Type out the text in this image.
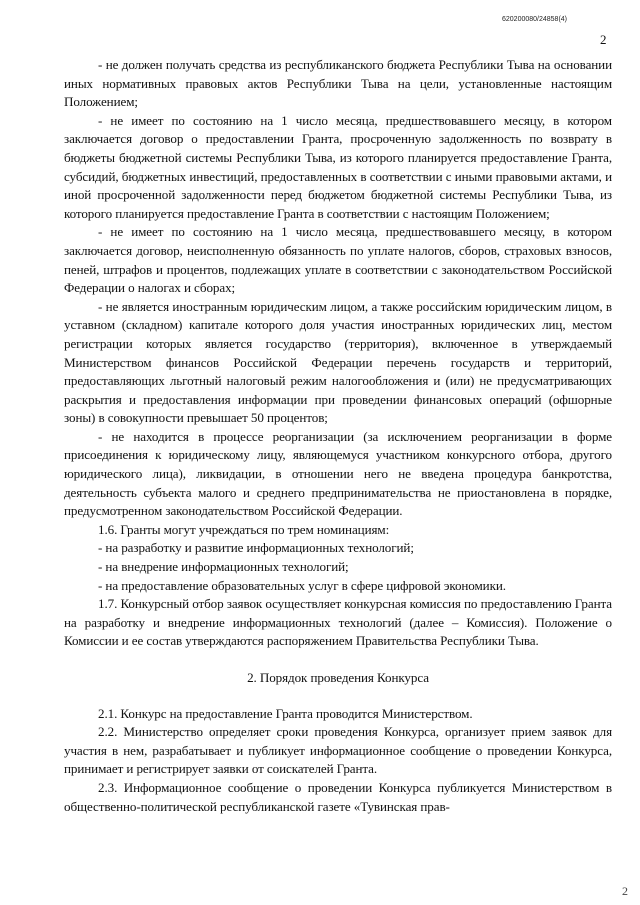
620200080/24858(4)
2

- не должен получать средства из республиканского бюджета Республики Тыва на основании иных нормативных правовых актов Республики Тыва на цели, установленные настоящим Положением;

- не имеет по состоянию на 1 число месяца, предшествовавшего месяцу, в котором заключается договор о предоставлении Гранта, просроченную задолженность по возврату в бюджеты бюджетной системы Республики Тыва, из которого планируется предоставление Гранта, субсидий, бюджетных инвестиций, предоставленных в соответствии с иными правовыми актами, и иной просроченной задолженности перед бюджетом бюджетной системы Республики Тыва, из которого планируется предоставление Гранта в соответствии с настоящим Положением;

- не имеет по состоянию на 1 число месяца, предшествовавшего месяцу, в котором заключается договор, неисполненную обязанность по уплате налогов, сборов, страховых взносов, пеней, штрафов и процентов, подлежащих уплате в соответствии с законодательством Российской Федерации о налогах и сборах;

- не является иностранным юридическим лицом, а также российским юридическим лицом, в уставном (складном) капитале которого доля участия иностранных юридических лиц, местом регистрации которых является государство (территория), включенное в утверждаемый Министерством финансов Российской Федерации перечень государств и территорий, предоставляющих льготный налоговый режим налогообложения и (или) не предусматривающих раскрытия и предоставления информации при проведении финансовых операций (офшорные зоны) в совокупности превышает 50 процентов;

- не находится в процессе реорганизации (за исключением реорганизации в форме присоединения к юридическому лицу, являющемуся участником конкурсного отбора, другого юридического лица), ликвидации, в отношении него не введена процедура банкротства, деятельность субъекта малого и среднего предпринимательства не приостановлена в порядке, предусмотренном законодательством Российской Федерации.

1.6. Гранты могут учреждаться по трем номинациям:

- на разработку и развитие информационных технологий;

- на внедрение информационных технологий;

- на предоставление образовательных услуг в сфере цифровой экономики.

1.7. Конкурсный отбор заявок осуществляет конкурсная комиссия по предоставлению Гранта на разработку и внедрение информационных технологий (далее – Комиссия). Положение о Комиссии и ее состав утверждаются распоряжением Правительства Республики Тыва.

2. Порядок проведения Конкурса

2.1. Конкурс на предоставление Гранта проводится Министерством.

2.2. Министерство определяет сроки проведения Конкурса, организует прием заявок для участия в нем, разрабатывает и публикует информационное сообщение о проведении Конкурса, принимает и регистрирует заявки от соискателей Гранта.

2.3. Информационное сообщение о проведении Конкурса публикуется Министерством в общественно-политической республиканской газете «Тувинская прав-

2
